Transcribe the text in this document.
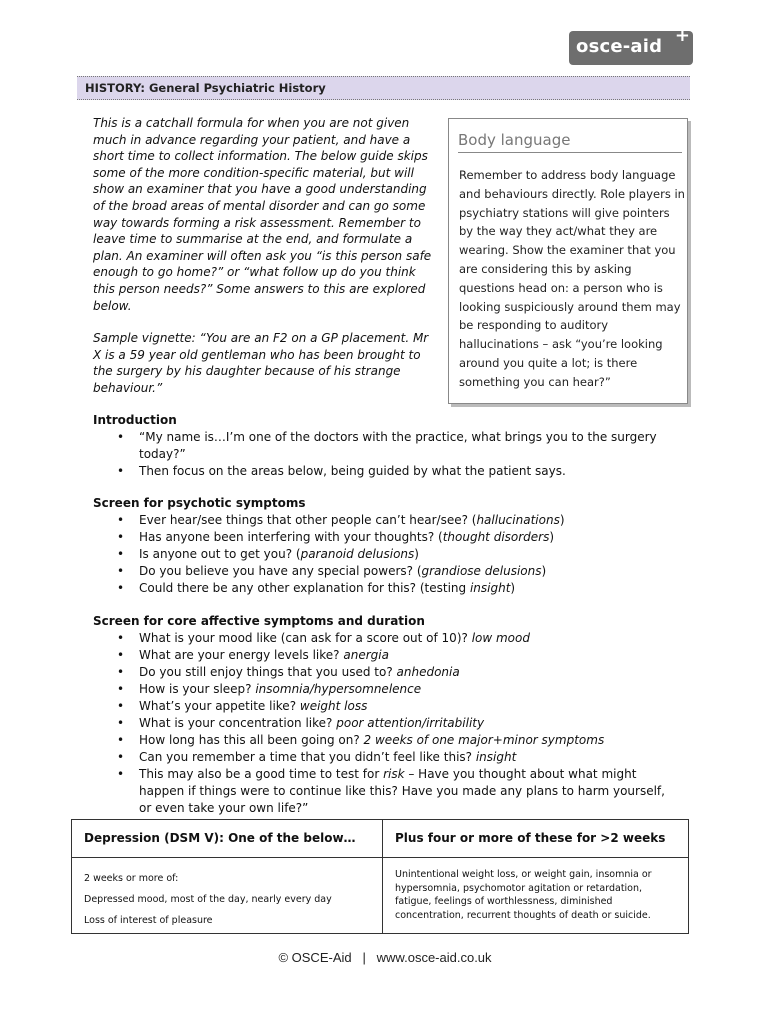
osce-aid
+
HISTORY: General Psychiatric History

This is a catchall formula for when you are not given much in advance regarding your patient, and have a short time to collect information. The below guide skips some of the more condition-specific material, but will show an examiner that you have a good understanding of the broad areas of mental disorder and can go some way towards forming a risk assessment. Remember to leave time to summarise at the end, and formulate a plan. An examiner will often ask you “is this person safe enough to go home?” or “what follow up do you think this person needs?” Some answers to this are explored below.

Sample vignette: “You are an F2 on a GP placement. Mr X is a 59 year old gentleman who has been brought to the surgery by his daughter because of his strange behaviour.”

Body language
Remember to address body language and behaviours directly. Role players in psychiatry stations will give pointers by the way they act/what they are wearing. Show the examiner that you are considering this by asking questions head on: a person who is looking suspiciously around them may be responding to auditory hallucinations – ask “you’re looking around you quite a lot; is there something you can hear?”
Introduction
• “My name is…I’m one of the doctors with the practice, what brings you to the surgery today?”
• Then focus on the areas below, being guided by what the patient says.
Screen for psychotic symptoms
• Ever hear/see things that other people can’t hear/see? (hallucinations)
• Has anyone been interfering with your thoughts? (thought disorders)
• Is anyone out to get you? (paranoid delusions)
• Do you believe you have any special powers? (grandiose delusions)
• Could there be any other explanation for this? (testing insight)
Screen for core affective symptoms and duration
• What is your mood like (can ask for a score out of 10)? low mood
• What are your energy levels like? anergia
• Do you still enjoy things that you used to? anhedonia
• How is your sleep? insomnia/hypersomnelence
• What’s your appetite like? weight loss
• What is your concentration like? poor attention/irritability
• How long has this all been going on? 2 weeks of one major+minor symptoms
• Can you remember a time that you didn’t feel like this? insight
• This may also be a good time to test for risk – Have you thought about what might happen if things were to continue like this? Have you made any plans to harm yourself, or even take your own life?”
Depression (DSM V): One of the below…	Plus four or more of these for >2 weeks
2 weeks or more of:
Depressed mood, most of the day, nearly every day
Loss of interest of pleasure
Unintentional weight loss, or weight gain, insomnia or hypersomnia, psychomotor agitation or retardation, fatigue, feelings of worthlessness, diminished concentration, recurrent thoughts of death or suicide.
© OSCE-Aid   |   www.osce-aid.co.uk
